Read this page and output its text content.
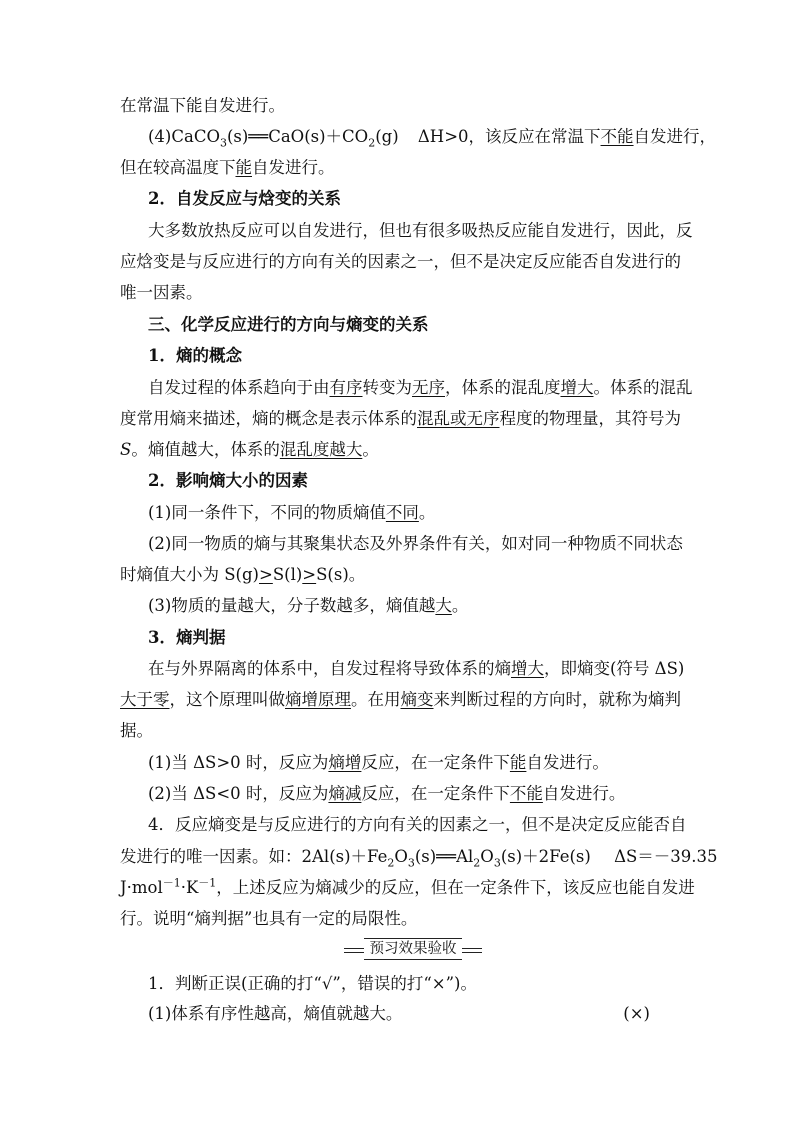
在常温下能自发进行。
$(4)CaCO_3(s)══CaO(s)+CO_2(g)$ ΔH>0，该反应在常温下不能自发进行，
但在较高温度下能自发进行。
2．自发反应与焓变的关系
大多数放热反应可以自发进行，但也有很多吸热反应能自发进行，因此，反
应焓变是与反应进行的方向有关的因素之一，但不是决定反应能否自发进行的
唯一因素。
三、化学反应进行的方向与熵变的关系
1．熵的概念
自发过程的体系趋向于由有序转变为无序，体系的混乱度增大。体系的混乱
度常用熵来描述，熵的概念是表示体系的混乱或无序程度的物理量，其符号为
S。熵值越大，体系的混乱度越大。
2．影响熵大小的因素
(1)同一条件下，不同的物质熵值不同。
(2)同一物质的熵与其聚集状态及外界条件有关，如对同一种物质不同状态
时熵值大小为 S(g)>S(l)>S(s)。
(3)物质的量越大，分子数越多，熵值越大。
3．熵判据
在与外界隔离的体系中，自发过程将导致体系的熵增大，即熵变(符号 ΔS)
大于零，这个原理叫做熵增原理。在用熵变来判断过程的方向时，就称为熵判
据。
(1)当 ΔS>0 时，反应为熵增反应，在一定条件下能自发进行。
(2)当 ΔS<0 时，反应为熵减反应，在一定条件下不能自发进行。
4．反应熵变是与反应进行的方向有关的因素之一，但不是决定反应能否自
发进行的唯一因素。如：$2Al(s)+Fe_2O_3(s)══Al_2O_3(s)+2Fe(s)$ ΔS＝－39.35
$J\cdot mol^{-1}\cdot K^{-1}$，上述反应为熵减少的反应，但在一定条件下，该反应也能自发进
行。说明“熵判据”也具有一定的局限性。
预习效果验收
1．判断正误(正确的打“√”，错误的打“×”)。
(1)体系有序性越高，熵值就越大。	(×)
